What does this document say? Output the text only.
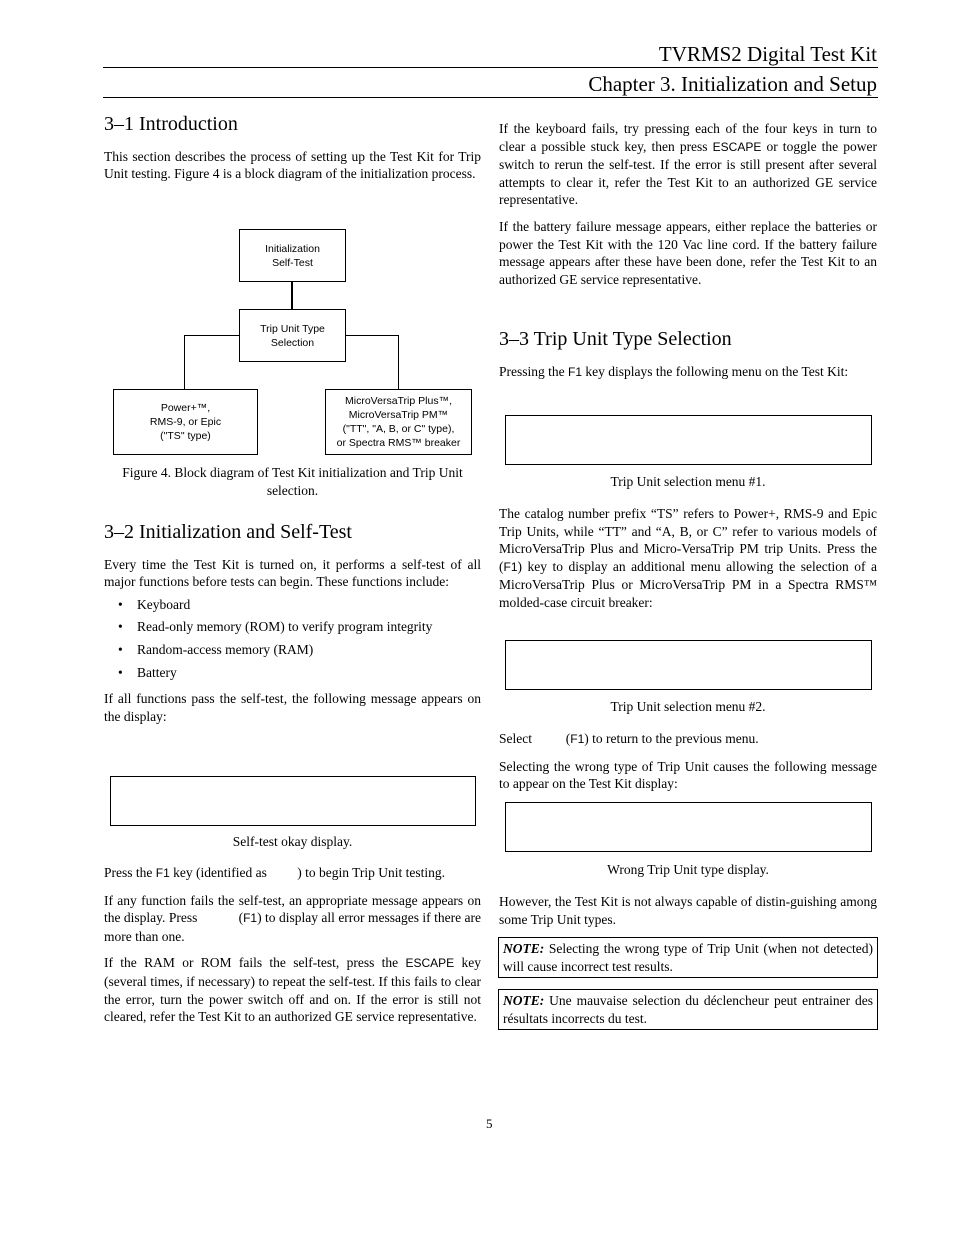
TVRMS2 Digital Test Kit
Chapter 3. Initialization and Setup
3–1 Introduction

This section describes the process of setting up the Test Kit for Trip Unit testing. Figure 4 is a block diagram of the initialization process.

Initialization
Self-Test
Trip Unit Type
Selection
Power+™,
RMS-9, or Epic
("TS" type)
MicroVersaTrip Plus™,
MicroVersaTrip PM™
("TT", "A, B, or C" type),
or Spectra RMS™ breaker
Figure 4. Block diagram of Test Kit initialization and Trip Unit selection.
3–2 Initialization and Self-Test

Every time the Test Kit is turned on, it performs a self-test of all major functions before tests can begin. These functions include:

• Keyboard
• Read-only memory (ROM) to verify program integrity
• Random-access memory (RAM)
• Battery

If all functions pass the self-test, the following message appears on the display:

Self-test okay display.

Press the F1 key (identified as         ) to begin Trip Unit testing.

If any function fails the self-test, an appropriate message appears on the display. Press            (F1) to display all error messages if there are more than one.

If the RAM or ROM fails the self-test, press the ESCAPE key (several times, if necessary) to repeat the self-test. If this fails to clear the error, turn the power switch off and on. If the error is still not cleared, refer the Test Kit to an authorized GE service representative.

If the keyboard fails, try pressing each of the four keys in turn to clear a possible stuck key, then press ESCAPE or toggle the power switch to rerun the self-test. If the error is still present after several attempts to clear it, refer the Test Kit to an authorized GE service representative.

If the battery failure message appears, either replace the batteries or power the Test Kit with the 120 Vac line cord. If the battery failure message appears after these have been done, refer the Test Kit to an authorized GE service representative.

3–3 Trip Unit Type Selection

Pressing the F1 key displays the following menu on the Test Kit:

Trip Unit selection menu #1.

The catalog number prefix “TS” refers to Power+, RMS-9 and Epic Trip Units, while “TT” and “A, B, or C” refer to various models of MicroVersaTrip Plus and Micro-VersaTrip PM trip Units. Press the          (F1) key to display an additional menu allowing the selection of a MicroVersaTrip Plus or MicroVersaTrip PM in a Spectra RMS™ molded-case circuit breaker:

Trip Unit selection menu #2.

Select          (F1) to return to the previous menu.

Selecting the wrong type of Trip Unit causes the following message to appear on the Test Kit display:

Wrong Trip Unit type display.

However, the Test Kit is not always capable of distin-guishing among some Trip Unit types.

NOTE: Selecting the wrong type of Trip Unit (when not detected) will cause incorrect test results.
NOTE: Une mauvaise selection du déclencheur peut entrainer des résultats incorrects du test.
5
